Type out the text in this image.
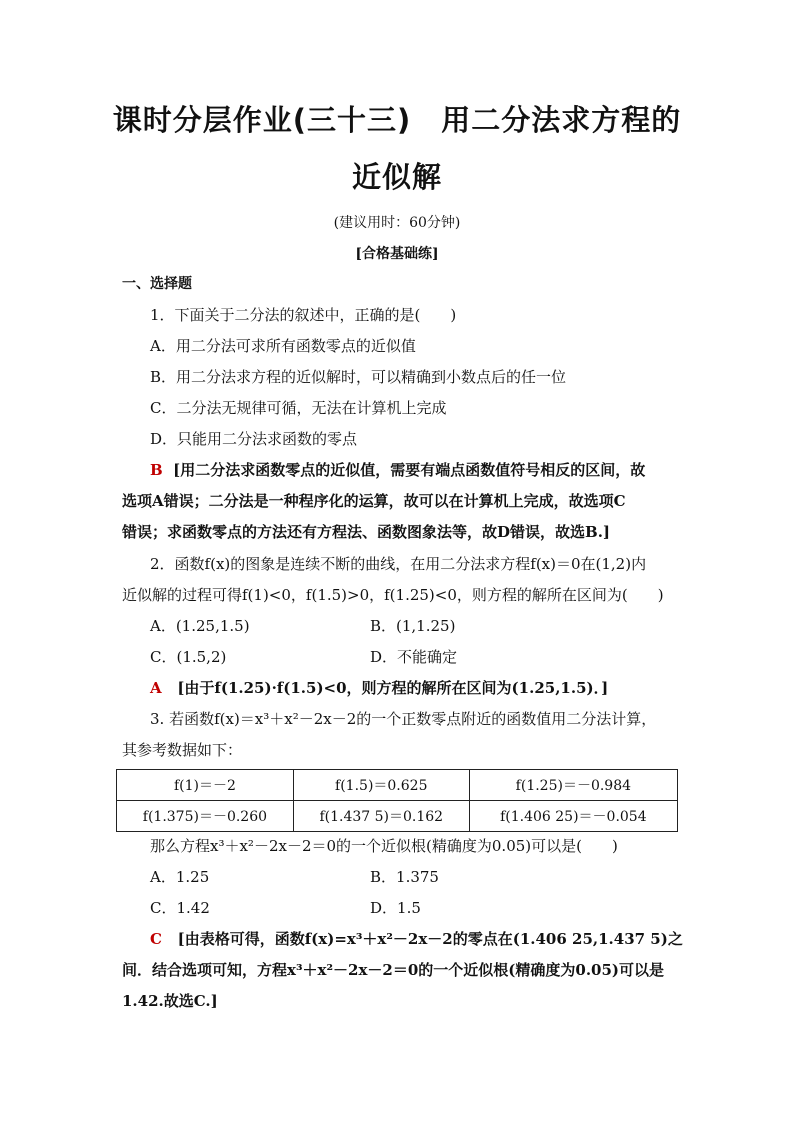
课时分层作业(三十三)　用二分法求方程的
近似解
(建议用时：60分钟)
[合格基础练]
一、选择题
1．下面关于二分法的叙述中，正确的是(　　)
A．用二分法可求所有函数零点的近似值
B．用二分法求方程的近似解时，可以精确到小数点后的任一位
C．二分法无规律可循，无法在计算机上完成
D．只能用二分法求函数的零点
B [用二分法求函数零点的近似值，需要有端点函数值符号相反的区间，故
选项A错误；二分法是一种程序化的运算，故可以在计算机上完成，故选项C
错误；求函数零点的方法还有方程法、函数图象法等，故D错误，故选B.]
2．函数f(x)的图象是连续不断的曲线，在用二分法求方程f(x)＝0在(1,2)内
近似解的过程可得f(1)<0，f(1.5)>0，f(1.25)<0，则方程的解所在区间为(　　)
A．(1.25,1.5)	B．(1,1.25)
C．(1.5,2)	D．不能确定
A [由于f(1.25)·f(1.5)<0，则方程的解所在区间为(1.25,1.5)．]
3. 若函数f(x)＝x³＋x²－2x－2的一个正数零点附近的函数值用二分法计算，
其参考数据如下：
f(1)＝－2	f(1.5)＝0.625	f(1.25)＝－0.984
f(1.375)＝－0.260	f(1.437 5)＝0.162	f(1.406 25)＝－0.054
那么方程x³＋x²－2x－2＝0的一个近似根(精确度为0.05)可以是(　　)
A．1.25	B．1.375
C．1.42	D．1.5
C [由表格可得，函数f(x)=x³＋x²－2x－2的零点在(1.406 25,1.437 5)之
间．结合选项可知，方程x³＋x²－2x－2＝0的一个近似根(精确度为0.05)可以是
1.42.故选C.]
